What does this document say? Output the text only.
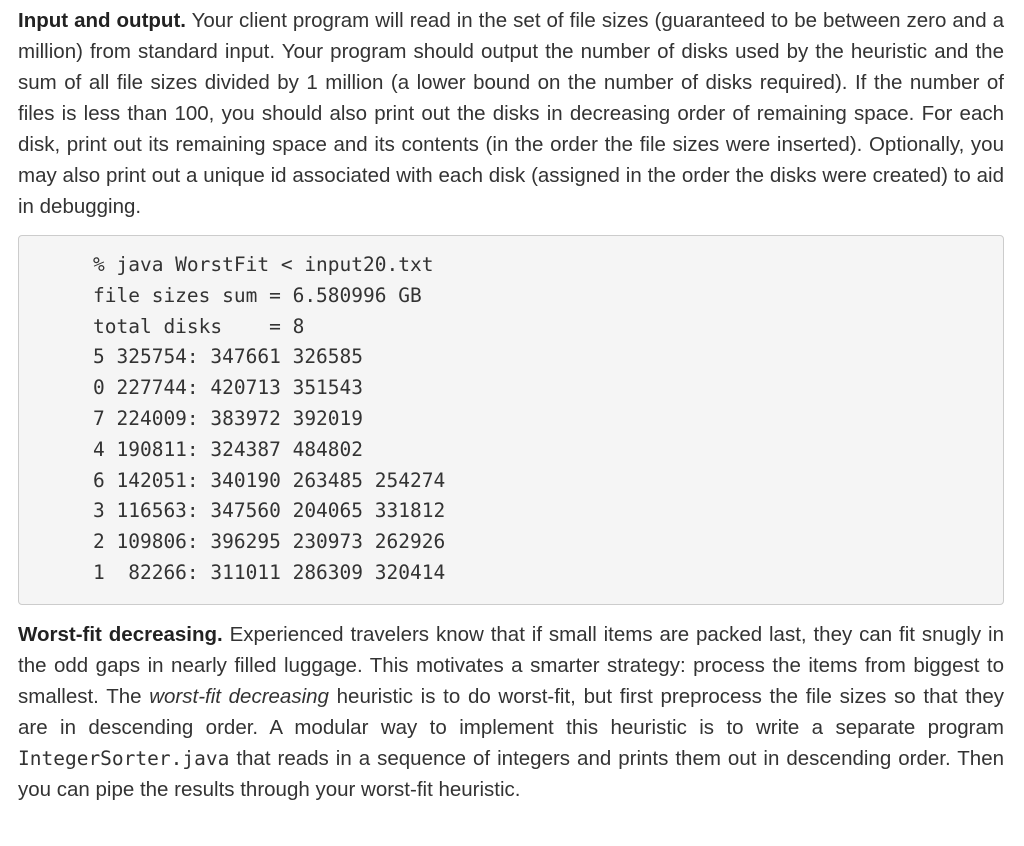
Input and output. Your client program will read in the set of file sizes (guaranteed to be between zero and a million) from standard input. Your program should output the number of disks used by the heuristic and the sum of all file sizes divided by 1 million (a lower bound on the number of disks required). If the number of files is less than 100, you should also print out the disks in decreasing order of remaining space. For each disk, print out its remaining space and its contents (in the order the file sizes were inserted). Optionally, you may also print out a unique id associated with each disk (assigned in the order the disks were created) to aid in debugging.

% java WorstFit < input20.txt
file sizes sum = 6.580996 GB
total disks    = 8
5 325754: 347661 326585
0 227744: 420713 351543
7 224009: 383972 392019
4 190811: 324387 484802
6 142051: 340190 263485 254274
3 116563: 347560 204065 331812
2 109806: 396295 230973 262926
1  82266: 311011 286309 320414

Worst-fit decreasing. Experienced travelers know that if small items are packed last, they can fit snugly in the odd gaps in nearly filled luggage. This motivates a smarter strategy: process the items from biggest to smallest. The worst-fit decreasing heuristic is to do worst-fit, but first preprocess the file sizes so that they are in descending order. A modular way to implement this heuristic is to write a separate program IntegerSorter.java that reads in a sequence of integers and prints them out in descending order. Then you can pipe the results through your worst-fit heuristic.
